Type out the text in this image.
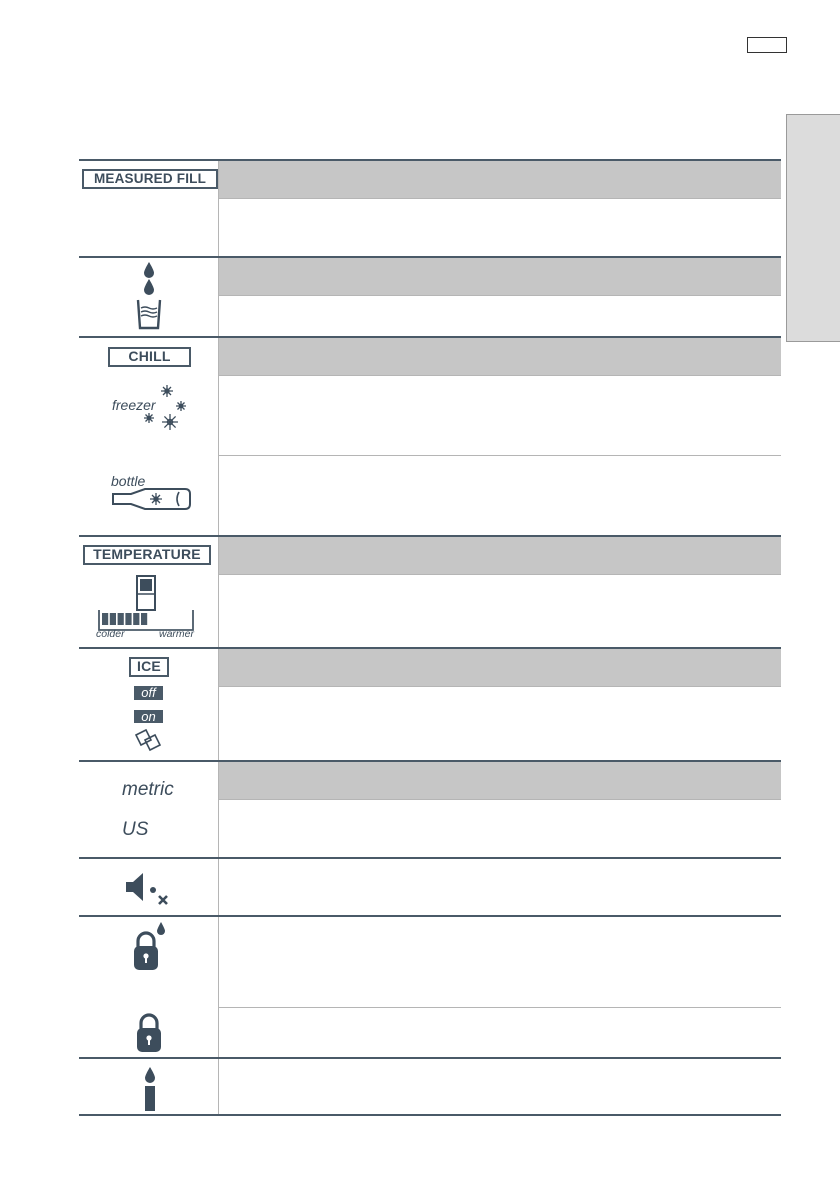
MEASURED FILL
CHILL
freezer
bottle
TEMPERATURE
colder	warmer
ICE
off
on
metric
US
